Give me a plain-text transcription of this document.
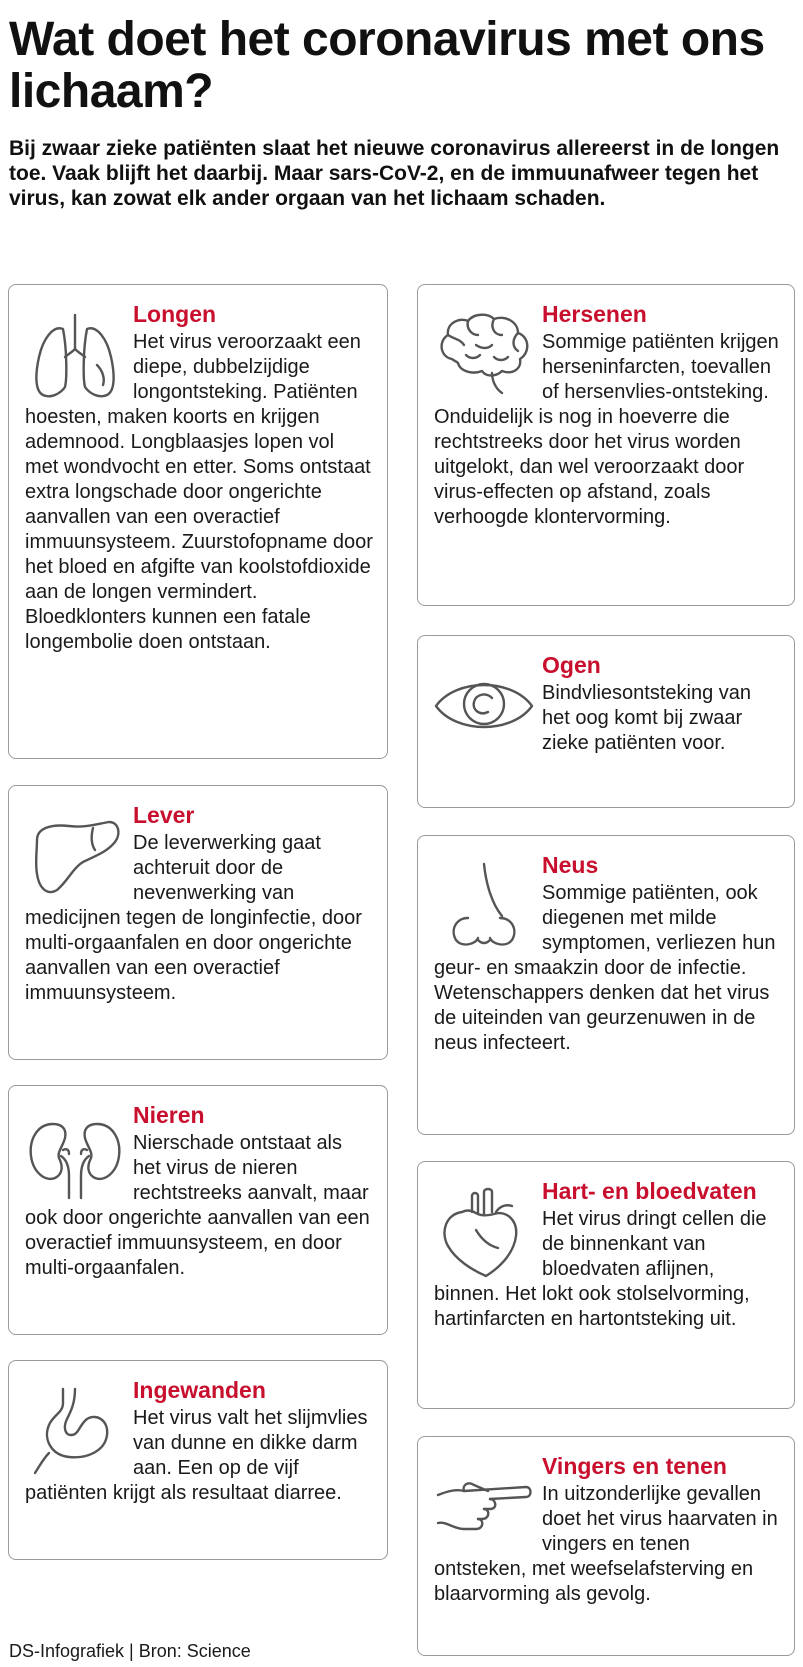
Wat doet het coronavirus met ons lichaam?

Bij zwaar zieke patiënten slaat het nieuwe coronavirus allereerst in de longen toe. Vaak blijft het daarbij. Maar sars-CoV-2, en de immuunafweer tegen het virus, kan zowat elk ander orgaan van het lichaam schaden.

Longen

Het virus veroorzaakt een diepe, dubbelzijdige longontsteking. Patiënten hoesten, maken koorts en krijgen ademnood. Longblaasjes lopen vol met wondvocht en etter. Soms ontstaat extra longschade door ongerichte aanvallen van een overactief immuunsysteem. Zuurstofopname door het bloed en afgifte van koolstofdioxide aan de longen vermindert. Bloedklonters kunnen een fatale longembolie doen ontstaan.

Lever

De leverwerking gaat achteruit door de nevenwerking van medicijnen tegen de longinfectie, door multi-orgaanfalen en door ongerichte aanvallen van een overactief immuunsysteem.

Nieren

Nierschade ontstaat als het virus de nieren rechtstreeks aanvalt, maar ook door ongerichte aanvallen van een overactief immuunsysteem, en door multi-orgaanfalen.

Ingewanden

Het virus valt het slijmvlies van dunne en dikke darm aan. Een op de vijf patiënten krijgt als resultaat diarree.

Hersenen

Sommige patiënten krijgen herseninfarcten, toevallen of hersenvlies-ontsteking. Onduidelijk is nog in hoeverre die rechtstreeks door het virus worden uitgelokt, dan wel veroorzaakt door virus-effecten op afstand, zoals verhoogde klontervorming.

Ogen

Bindvliesontsteking van het oog komt bij zwaar zieke patiënten voor.

Neus

Sommige patiënten, ook diegenen met milde symptomen, verliezen hun geur- en smaakzin door de infectie. Wetenschappers denken dat het virus de uiteinden van geurzenuwen in de neus infecteert.

Hart- en bloedvaten

Het virus dringt cellen die de binnenkant van bloedvaten aflijnen, binnen. Het lokt ook stolselvorming, hartinfarcten en hartontsteking uit.

Vingers en tenen

In uitzonderlijke gevallen doet het virus haarvaten in vingers en tenen ontsteken, met weefselafsterving en blaarvorming als gevolg.

DS-Infografiek | Bron: Science
